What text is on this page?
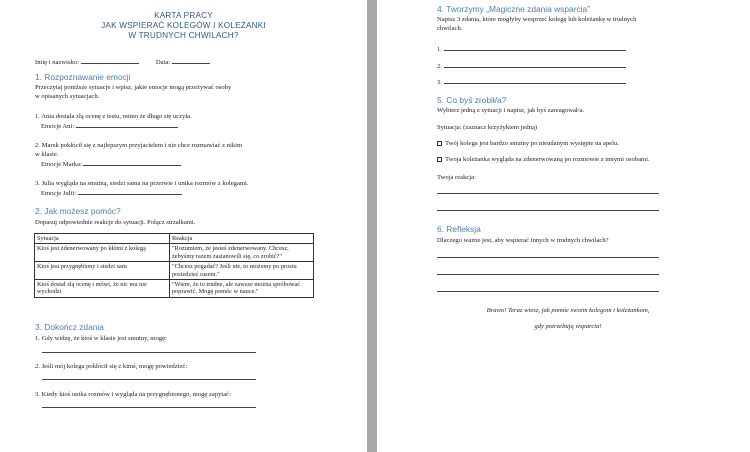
KARTA PRACY
JAK WSPIERAĆ KOLEGÓW I KOLEŻANKI
W TRUDNYCH CHWILACH?
Imię i nazwisko:	Data:
1. Rozpoznawanie emocji
Przeczytaj poniższe sytuacje i wpisz, jakie emocje mogą przeżywać osoby
w opisanych sytuacjach.
1. Ania dostała złą ocenę z testu, mimo że długo się uczyła.
Emocje Ani:
2. Marek pokłócił się z najlepszym przyjacielem i nie chce rozmawiać z nikim
w klasie.
Emocje Marka:
3. Julia wygląda na smutną, siedzi sama na przerwie i unika rozmów z kolegami.
Emocje Julii:
2. Jak możesz pomóc?
Dopasuj odpowiednie reakcje do sytuacji. Połącz strzałkami.
Sytuacja	Reakcja
Ktoś jest zdenerwowany po kłótni z kolegą	"Rozumiem, że jesteś zdenerwowany. Chcesz, żebyśmy razem zastanowili się, co zrobić?"
Ktoś jest przygnębiony i siedzi sam	"Chcesz pogadać? Jeśli nie, to możemy po prostu posiedzieć razem."
Ktoś dostał złą ocenę i mówi, że nic mu nie wychodzi	"Wiem, że to trudne, ale zawsze można spróbować poprawić. Mogę pomóc w nauce."
3. Dokończ zdania
1. Gdy widzę, że ktoś w klasie jest smutny, mogę:
2. Jeśli mój kolega pokłócił się z kimś, mogę powiedzieć:
3. Kiedy ktoś unika rozmów i wygląda na przygnębionego, mogę zapytać:
4. Tworzymy „Magiczne zdania wsparcia”
Napisz 3 zdania, które mogłyby wesprzeć kolegę lub koleżankę w trudnych
chwilach.
1.
2.
3.
5. Co byś zrobił/a?
Wybierz jedną z sytuacji i napisz, jak byś zareagował/a.
Sytuacja: (zaznacz krzyżykiem jedną)
Twój kolega jest bardzo smutny po nieudanym występie na apelu.
Twoja koleżanka wygląda na zdenerwowaną po rozmowie z innymi osobami.
Twoja reakcja:
6. Refleksja
Dlaczego ważne jest, aby wspierać innych w trudnych chwilach?
Brawo! Teraz wiesz, jak pomóc swoim kolegom i koleżankom,
gdy potrzebują wsparcia!
